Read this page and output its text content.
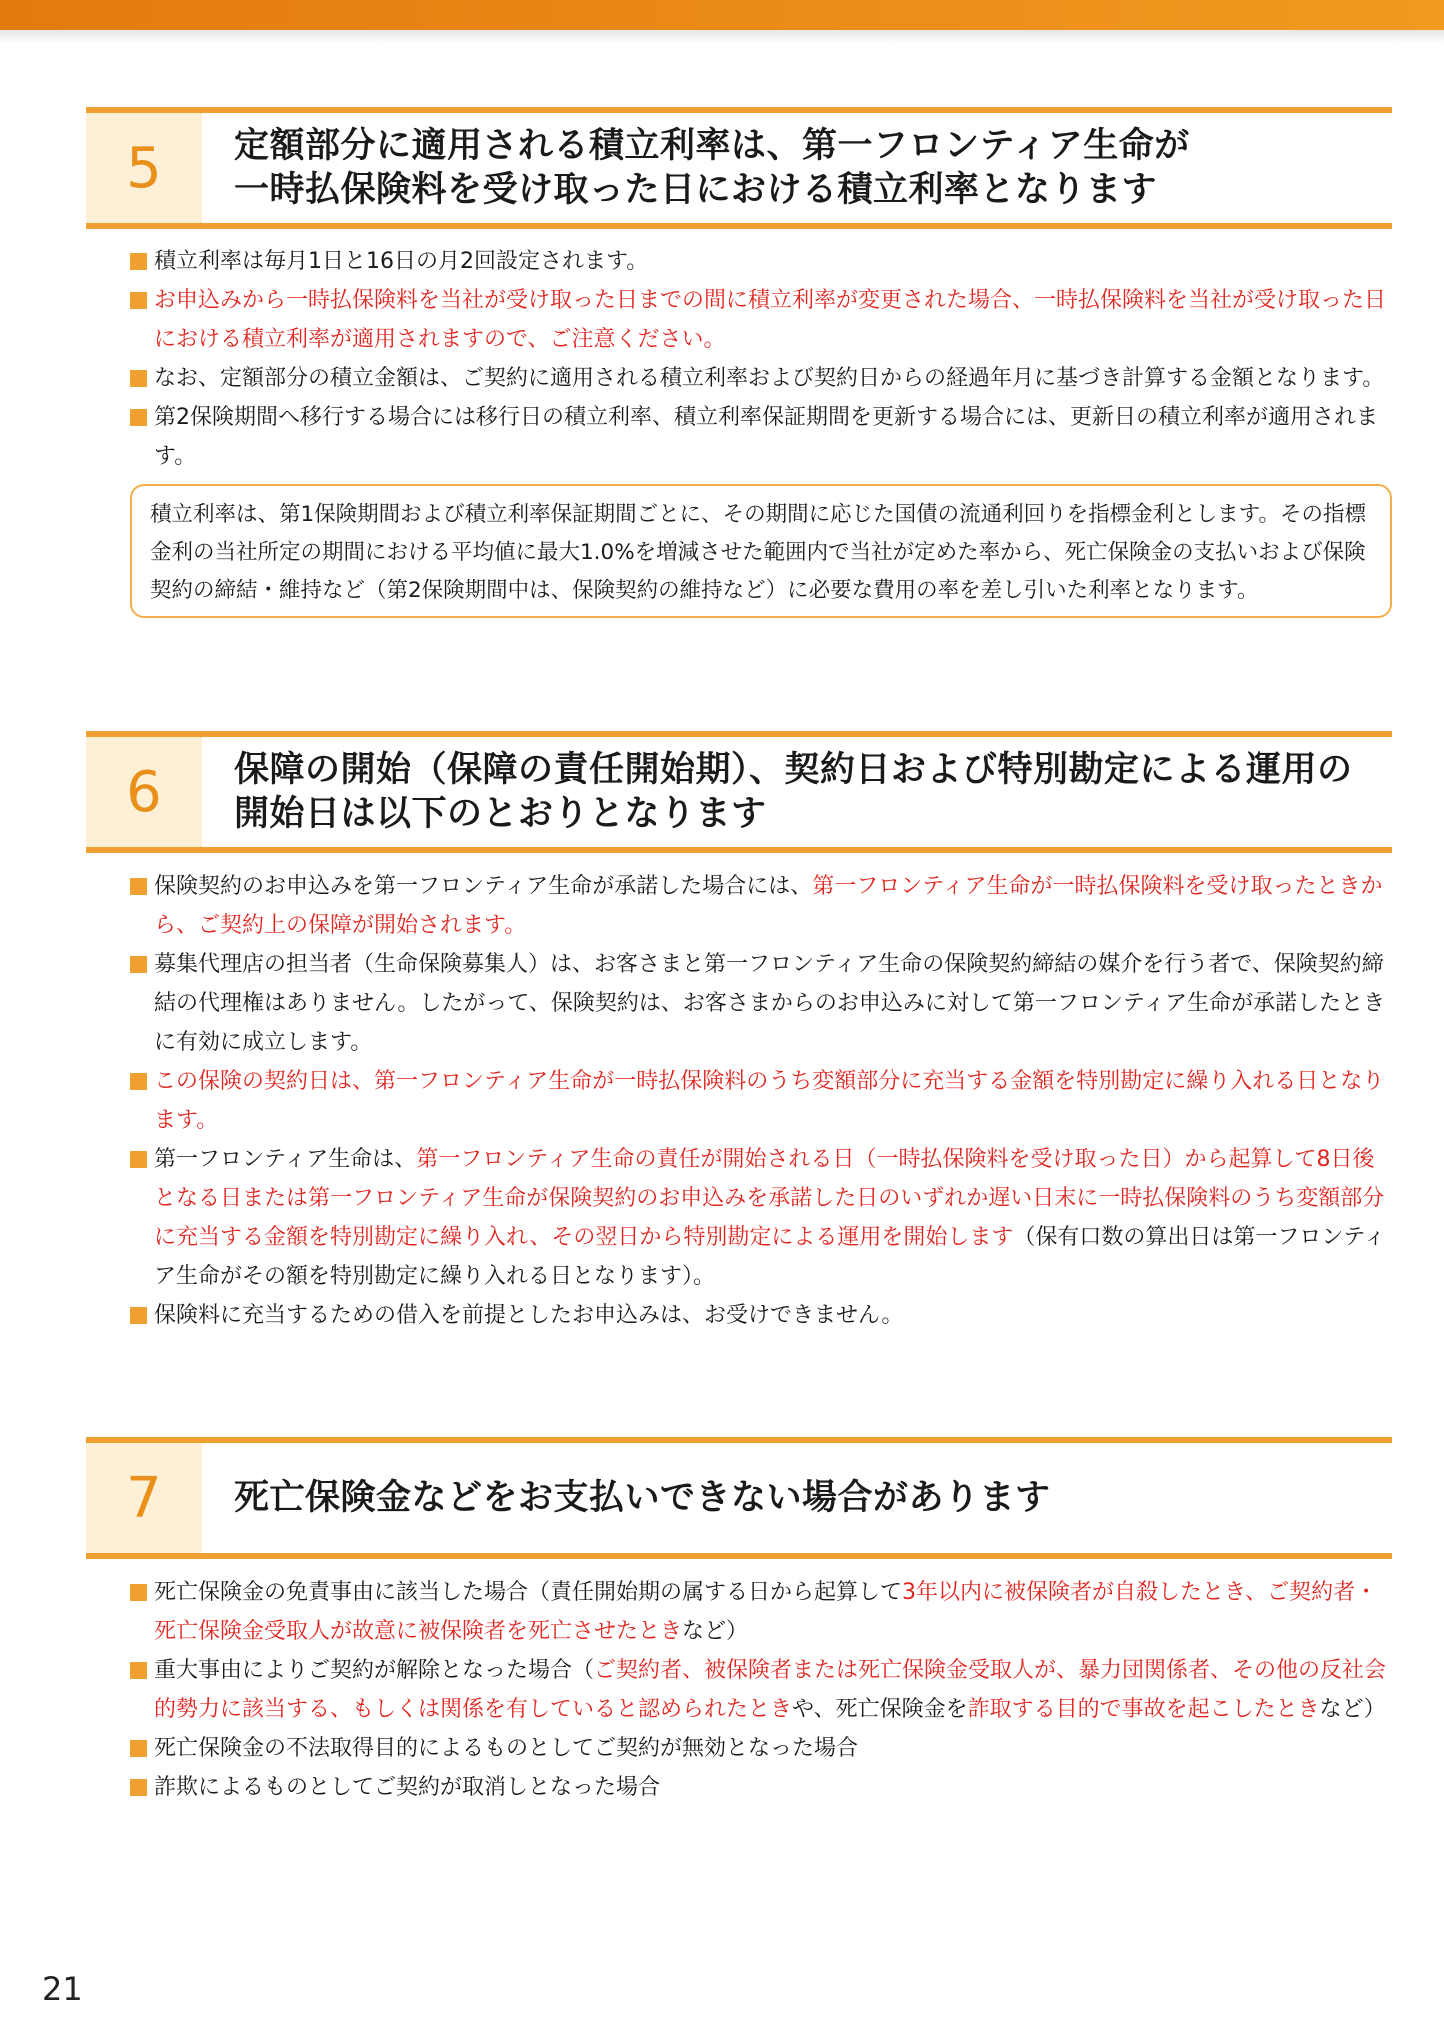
5	定額部分に適用される積立利率は、第一フロンティア生命が
一時払保険料を受け取った日における積立利率となります
積立利率は毎月1日と16日の月2回設定されます。
お申込みから一時払保険料を当社が受け取った日までの間に積立利率が変更された場合、一時払保険料を当社が受け取った日における積立利率が適用されますので、ご注意ください。
なお、定額部分の積立金額は、ご契約に適用される積立利率および契約日からの経過年月に基づき計算する金額となります。
第2保険期間へ移行する場合には移行日の積立利率、積立利率保証期間を更新する場合には、更新日の積立利率が適用されます。
積立利率は、第1保険期間および積立利率保証期間ごとに、その期間に応じた国債の流通利回りを指標金利とします。その指標金利の当社所定の期間における平均値に最大1.0%を増減させた範囲内で当社が定めた率から、死亡保険金の支払いおよび保険契約の締結・維持など（第2保険期間中は、保険契約の維持など）に必要な費用の率を差し引いた利率となります。
6	保障の開始（保障の責任開始期）、契約日および特別勘定による運用の
開始日は以下のとおりとなります
保険契約のお申込みを第一フロンティア生命が承諾した場合には、第一フロンティア生命が一時払保険料を受け取ったときから、ご契約上の保障が開始されます。
募集代理店の担当者（生命保険募集人）は、お客さまと第一フロンティア生命の保険契約締結の媒介を行う者で、保険契約締結の代理権はありません。したがって、保険契約は、お客さまからのお申込みに対して第一フロンティア生命が承諾したときに有効に成立します。
この保険の契約日は、第一フロンティア生命が一時払保険料のうち変額部分に充当する金額を特別勘定に繰り入れる日となります。
第一フロンティア生命は、第一フロンティア生命の責任が開始される日（一時払保険料を受け取った日）から起算して8日後となる日または第一フロンティア生命が保険契約のお申込みを承諾した日のいずれか遅い日末に一時払保険料のうち変額部分に充当する金額を特別勘定に繰り入れ、その翌日から特別勘定による運用を開始します（保有口数の算出日は第一フロンティア生命がその額を特別勘定に繰り入れる日となります）。
保険料に充当するための借入を前提としたお申込みは、お受けできません。
7	死亡保険金などをお支払いできない場合があります
死亡保険金の免責事由に該当した場合（責任開始期の属する日から起算して3年以内に被保険者が自殺したとき、ご契約者・死亡保険金受取人が故意に被保険者を死亡させたときなど）
重大事由によりご契約が解除となった場合（ご契約者、被保険者または死亡保険金受取人が、暴力団関係者、その他の反社会的勢力に該当する、もしくは関係を有していると認められたときや、死亡保険金を詐取する目的で事故を起こしたときなど）
死亡保険金の不法取得目的によるものとしてご契約が無効となった場合
詐欺によるものとしてご契約が取消しとなった場合
21
